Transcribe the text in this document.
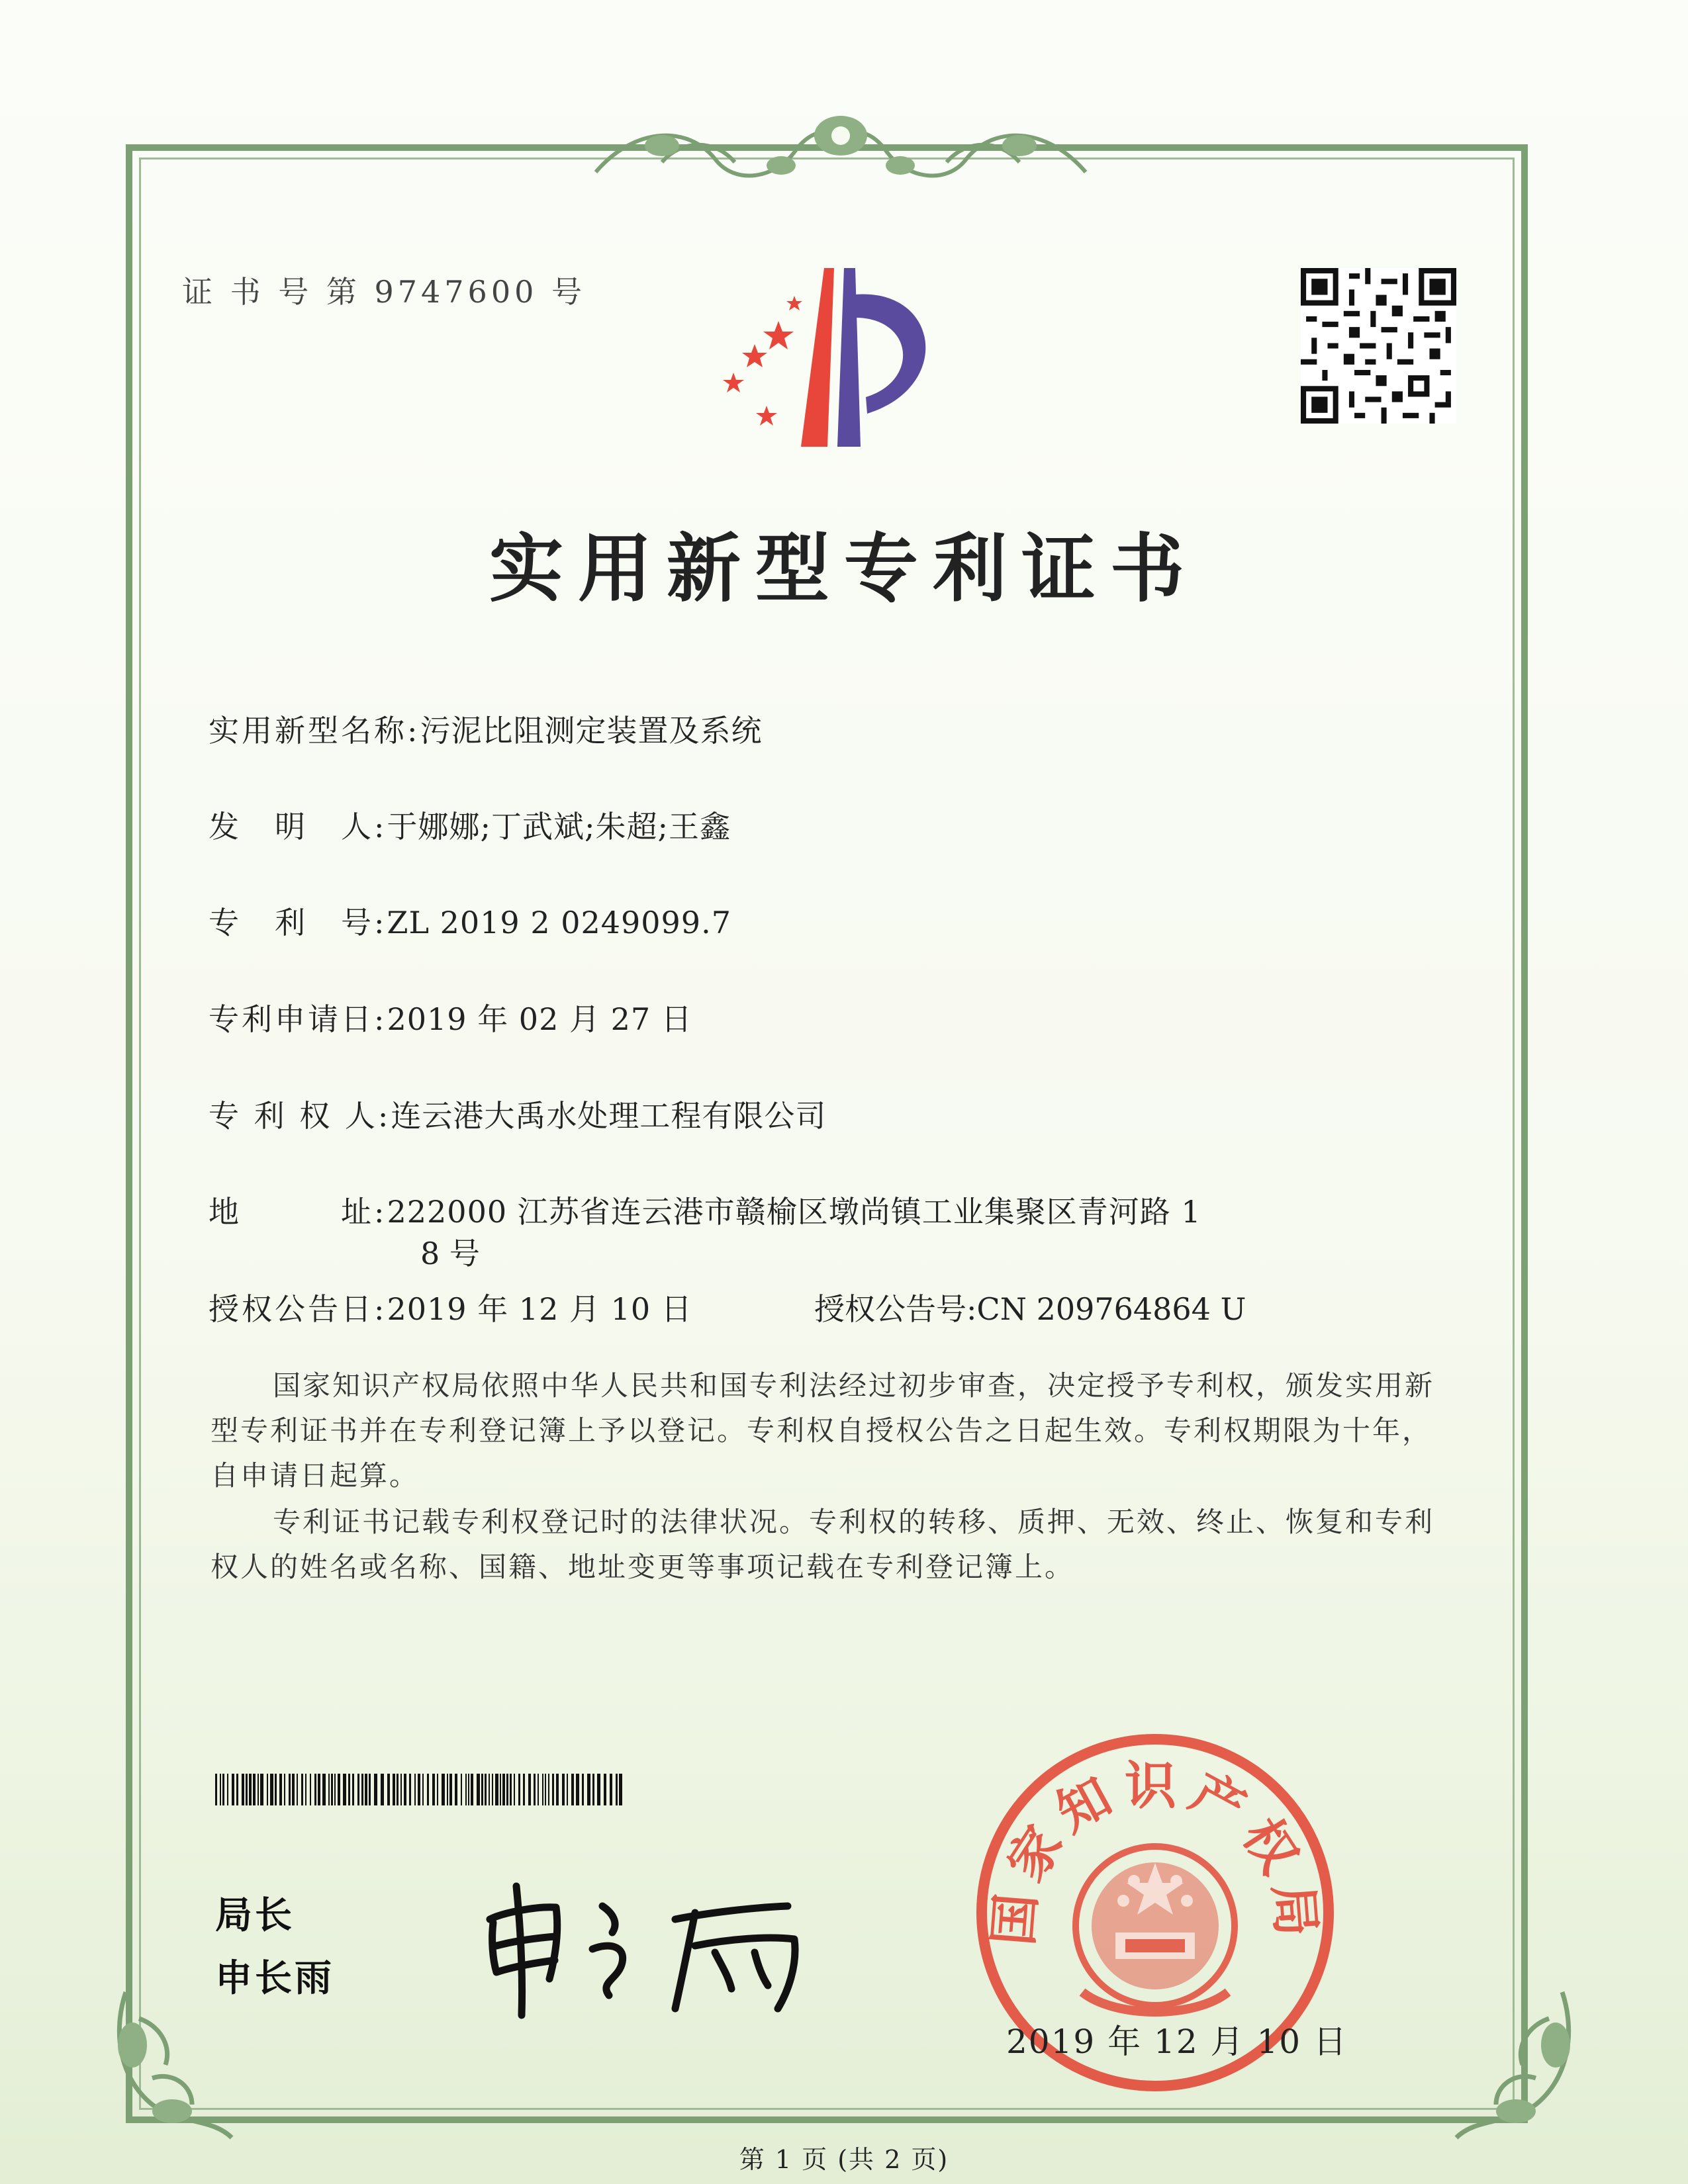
证 书 号 第 9747600 号
实用新型专利证书
实用新型名称:污泥比阻测定装置及系统
发　明　人:于娜娜;丁武斌;朱超;王鑫
专　利　号:ZL 2019 2 0249099.7
专利申请日:2019 年 02 月 27 日
专 利 权 人:连云港大禹水处理工程有限公司
地　　　址:222000 江苏省连云港市赣榆区墩尚镇工业集聚区青河路 1
8 号
授权公告日:2019 年 12 月 10 日	授权公告号:CN 209764864 U
国家知识产权局依照中华人民共和国专利法经过初步审查，决定授予专利权，颁发实用新型专利证书并在专利登记簿上予以登记。专利权自授权公告之日起生效。专利权期限为十年，自申请日起算。
专利证书记载专利权登记时的法律状况。专利权的转移、质押、无效、终止、恢复和专利权人的姓名或名称、国籍、地址变更等事项记载在专利登记簿上。
局长
申长雨
国家知识产权局
2019 年 12 月 10 日
第 1 页 (共 2 页)
